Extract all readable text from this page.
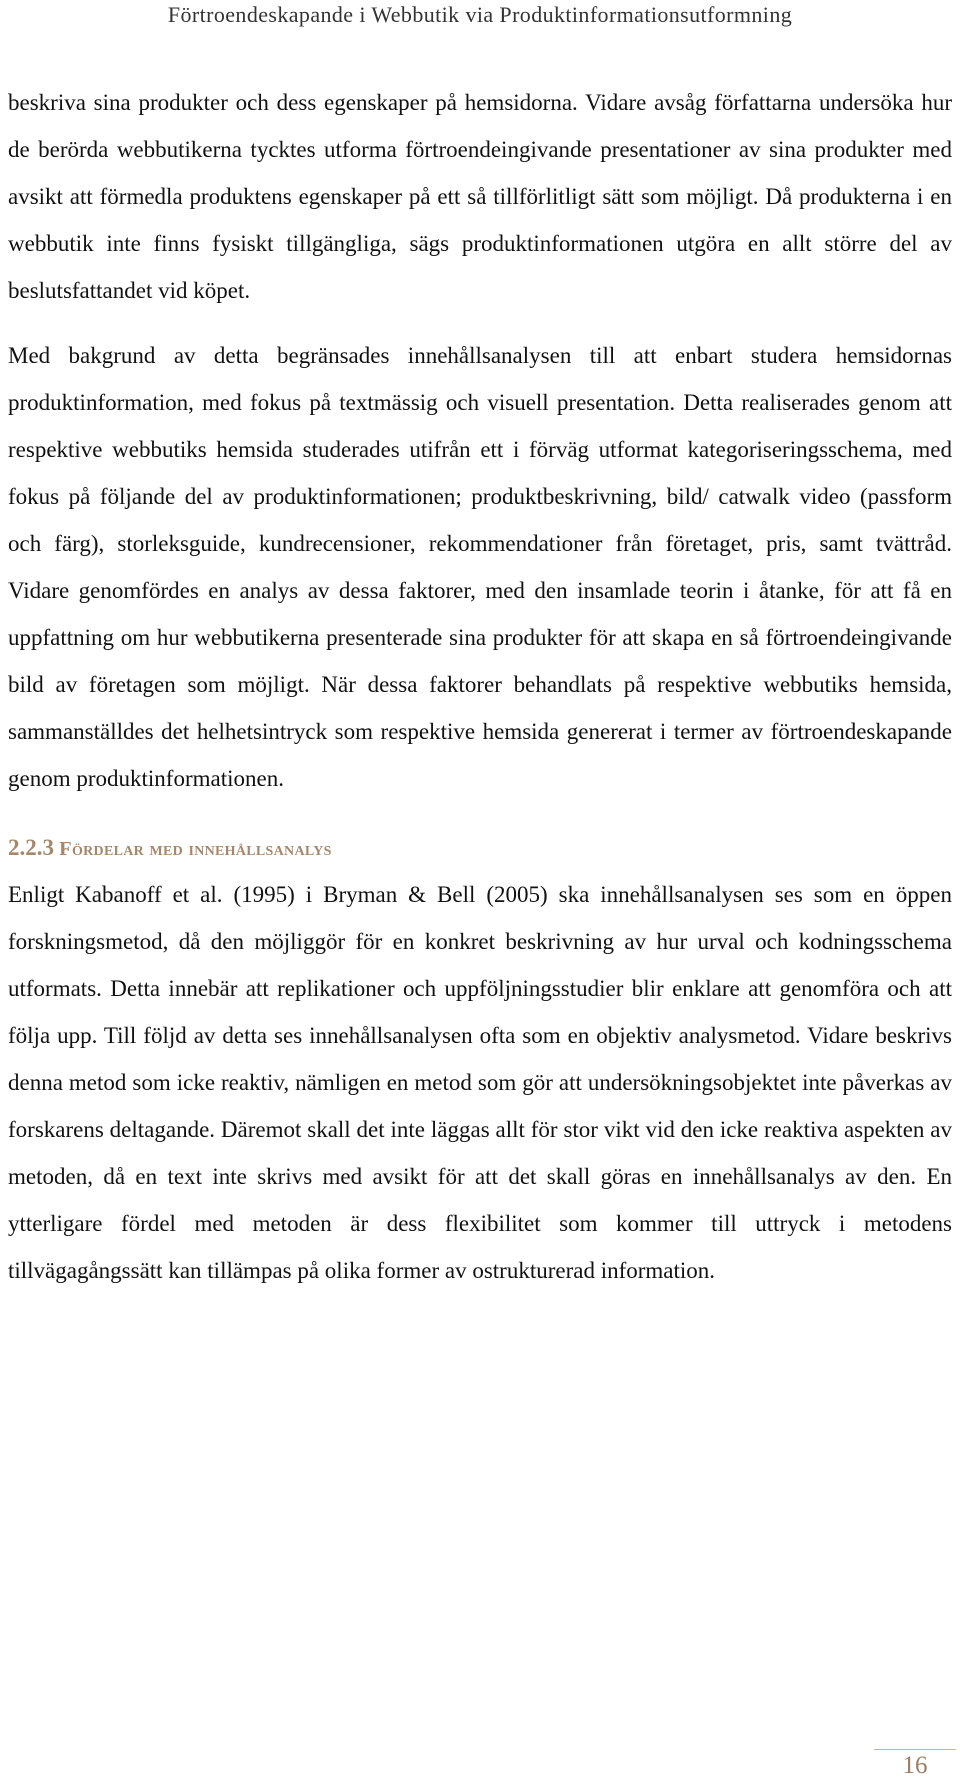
Förtroendeskapande i Webbutik via Produktinformationsutformning

beskriva sina produkter och dess egenskaper på hemsidorna. Vidare avsåg författarna undersöka hur de berörda webbutikerna tycktes utforma förtroendeingivande presentationer av sina produkter med avsikt att förmedla produktens egenskaper på ett så tillförlitligt sätt som möjligt. Då produkterna i en webbutik inte finns fysiskt tillgängliga, sägs produktinformationen utgöra en allt större del av beslutsfattandet vid köpet.

Med bakgrund av detta begränsades innehållsanalysen till att enbart studera hemsidornas produktinformation, med fokus på textmässig och visuell presentation. Detta realiserades genom att respektive webbutiks hemsida studerades utifrån ett i förväg utformat kategoriseringsschema, med fokus på följande del av produktinformationen; produktbeskrivning, bild/ catwalk video (passform och färg), storleksguide, kundrecensioner, rekommendationer från företaget, pris, samt tvättråd. Vidare genomfördes en analys av dessa faktorer, med den insamlade teorin i åtanke, för att få en uppfattning om hur webbutikerna presenterade sina produkter för att skapa en så förtroendeingivande bild av företagen som möjligt. När dessa faktorer behandlats på respektive webbutiks hemsida, sammanställdes det helhetsintryck som respektive hemsida genererat i termer av förtroendeskapande genom produktinformationen.

2.2.3 Fördelar med innehållsanalys

Enligt Kabanoff et al. (1995) i Bryman & Bell (2005) ska innehållsanalysen ses som en öppen forskningsmetod, då den möjliggör för en konkret beskrivning av hur urval och kodningsschema utformats. Detta innebär att replikationer och uppföljningsstudier blir enklare att genomföra och att följa upp. Till följd av detta ses innehållsanalysen ofta som en objektiv analysmetod. Vidare beskrivs denna metod som icke reaktiv, nämligen en metod som gör att undersökningsobjektet inte påverkas av forskarens deltagande. Däremot skall det inte läggas allt för stor vikt vid den icke reaktiva aspekten av metoden, då en text inte skrivs med avsikt för att det skall göras en innehållsanalys av den. En ytterligare fördel med metoden är dess flexibilitet som kommer till uttryck i metodens tillvägagångssätt kan tillämpas på olika former av ostrukturerad information.

16
